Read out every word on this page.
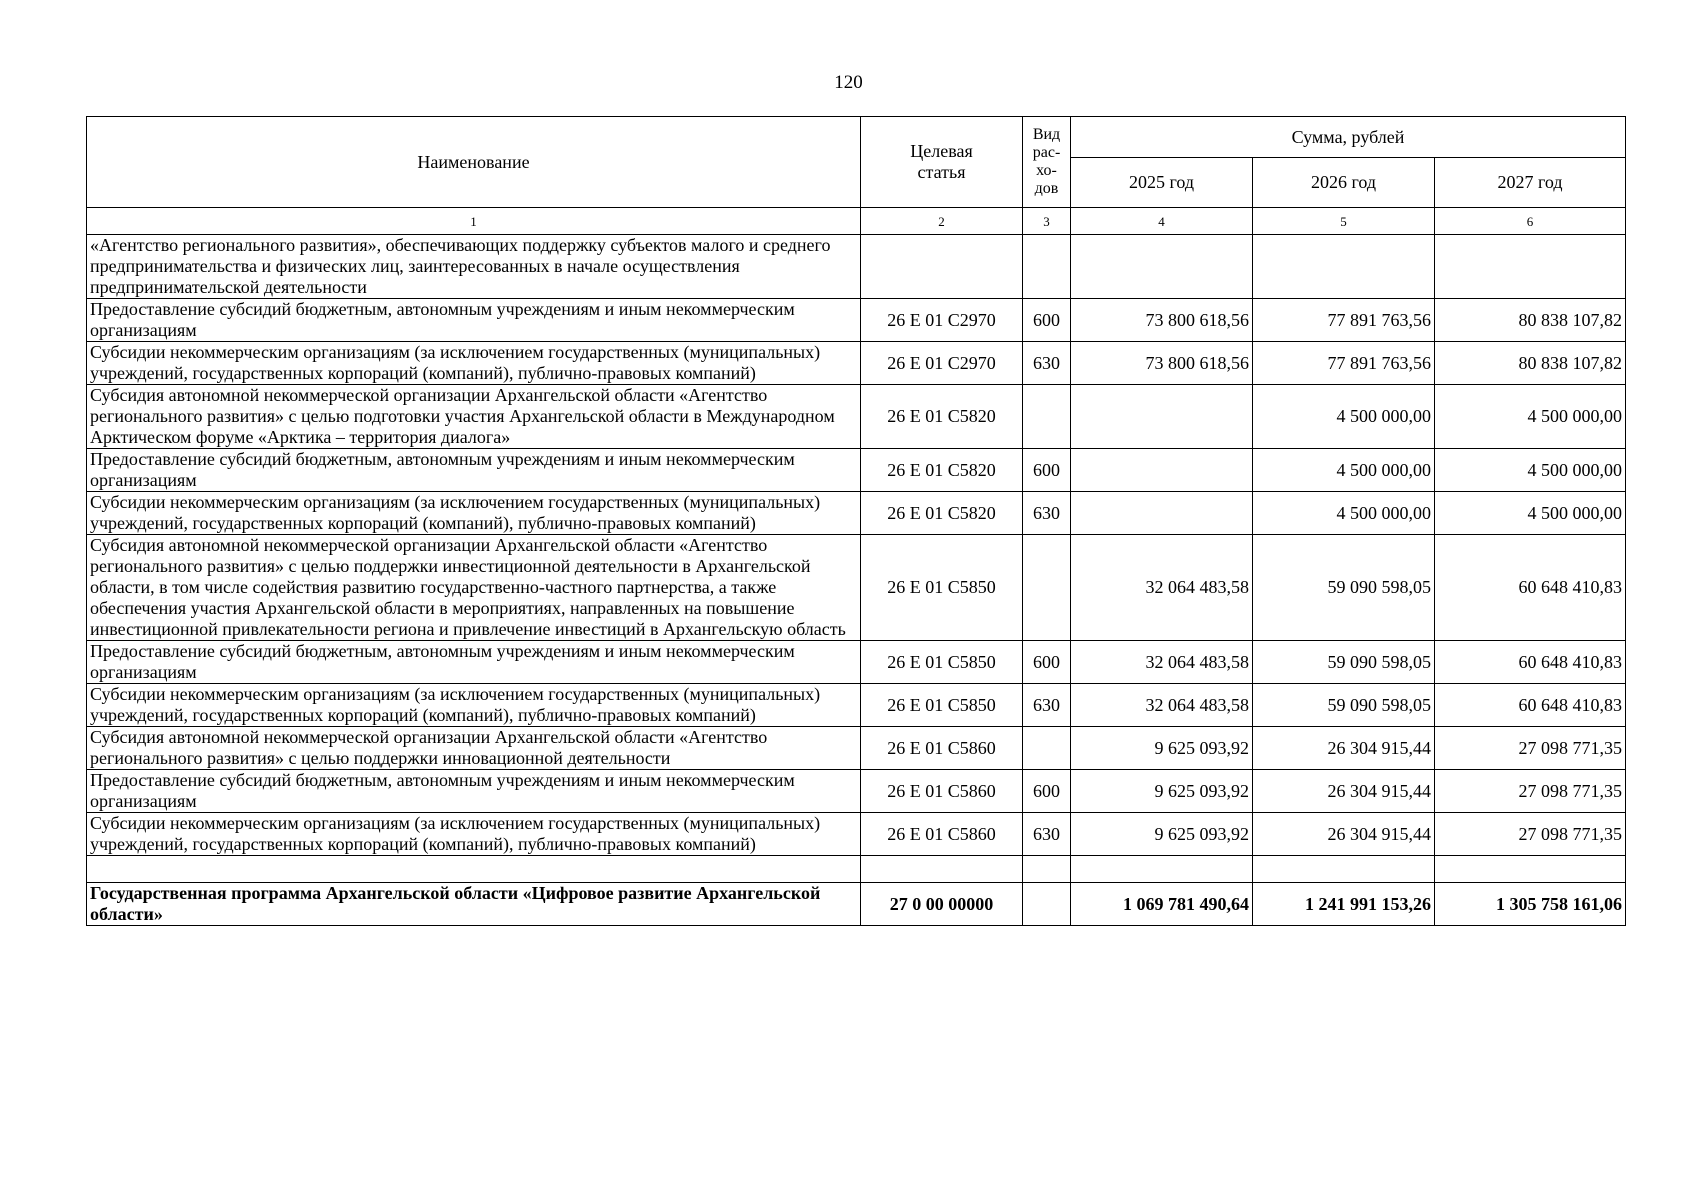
120
Наименование	Целевая статья	Вид
рас-
хо-
дов	Сумма, рублей		
			2025 год	2026 год	2027 год
1	2	3	4	5	6
«Агентство регионального развития», обеспечивающих поддержку субъектов малого и среднего предпринимательства и физических лиц, заинтересованных в начале осуществления предпринимательской деятельности					
Предоставление субсидий бюджетным, автономным учреждениям и иным некоммерческим организациям	26 Е 01 С2970	600	73 800 618,56	77 891 763,56	80 838 107,82
Субсидии некоммерческим организациям (за исключением государственных (муниципальных) учреждений, государственных корпораций (компаний), публично-правовых компаний)	26 Е 01 С2970	630	73 800 618,56	77 891 763,56	80 838 107,82
Субсидия автономной некоммерческой организации Архангельской области «Агентство регионального развития» с целью подготовки участия Архангельской области в Международном Арктическом форуме «Арктика – территория диалога»	26 Е 01 С5820			4 500 000,00	4 500 000,00
Предоставление субсидий бюджетным, автономным учреждениям и иным некоммерческим организациям	26 Е 01 С5820	600		4 500 000,00	4 500 000,00
Субсидии некоммерческим организациям (за исключением государственных (муниципальных) учреждений, государственных корпораций (компаний), публично-правовых компаний)	26 Е 01 С5820	630		4 500 000,00	4 500 000,00
Субсидия автономной некоммерческой организации Архангельской области «Агентство регионального развития» с целью поддержки инвестиционной деятельности в Архангельской области, в том числе содействия развитию государственно-частного партнерства, а также обеспечения участия Архангельской области в мероприятиях, направленных на повышение инвестиционной привлекательности региона и привлечение инвестиций в Архангельскую область	26 Е 01 С5850		32 064 483,58	59 090 598,05	60 648 410,83
Предоставление субсидий бюджетным, автономным учреждениям и иным некоммерческим организациям	26 Е 01 С5850	600	32 064 483,58	59 090 598,05	60 648 410,83
Субсидии некоммерческим организациям (за исключением государственных (муниципальных) учреждений, государственных корпораций (компаний), публично-правовых компаний)	26 Е 01 С5850	630	32 064 483,58	59 090 598,05	60 648 410,83
Субсидия автономной некоммерческой организации Архангельской области «Агентство регионального развития» с целью поддержки инновационной деятельности	26 Е 01 С5860		9 625 093,92	26 304 915,44	27 098 771,35
Предоставление субсидий бюджетным, автономным учреждениям и иным некоммерческим организациям	26 Е 01 С5860	600	9 625 093,92	26 304 915,44	27 098 771,35
Субсидии некоммерческим организациям (за исключением государственных (муниципальных) учреждений, государственных корпораций (компаний), публично-правовых компаний)	26 Е 01 С5860	630	9 625 093,92	26 304 915,44	27 098 771,35

Государственная программа Архангельской области «Цифровое развитие Архангельской области»	27 0 00 00000		1 069 781 490,64	1 241 991 153,26	1 305 758 161,06
